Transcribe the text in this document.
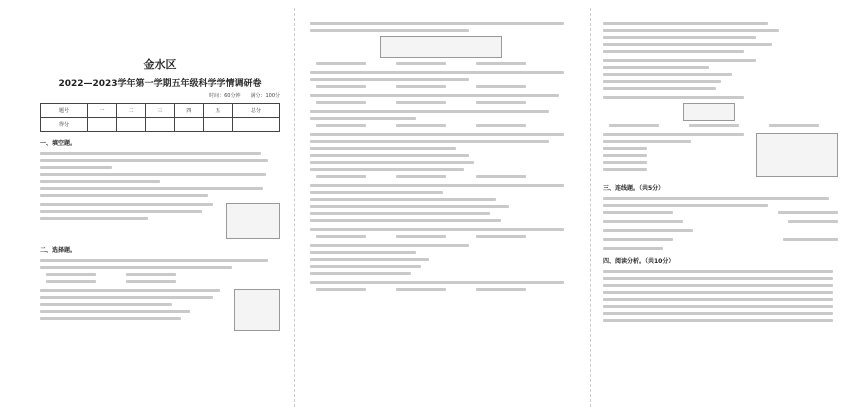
金水区
2022—2023学年第一学期五年级科学学情调研卷
时间：60分钟 满分：100分
题号	一	二	三	四	五	总分
得分						
一、填空题。
二、选择题。
三、连线题。（共5分）
四、阅读分析。（共10分）
